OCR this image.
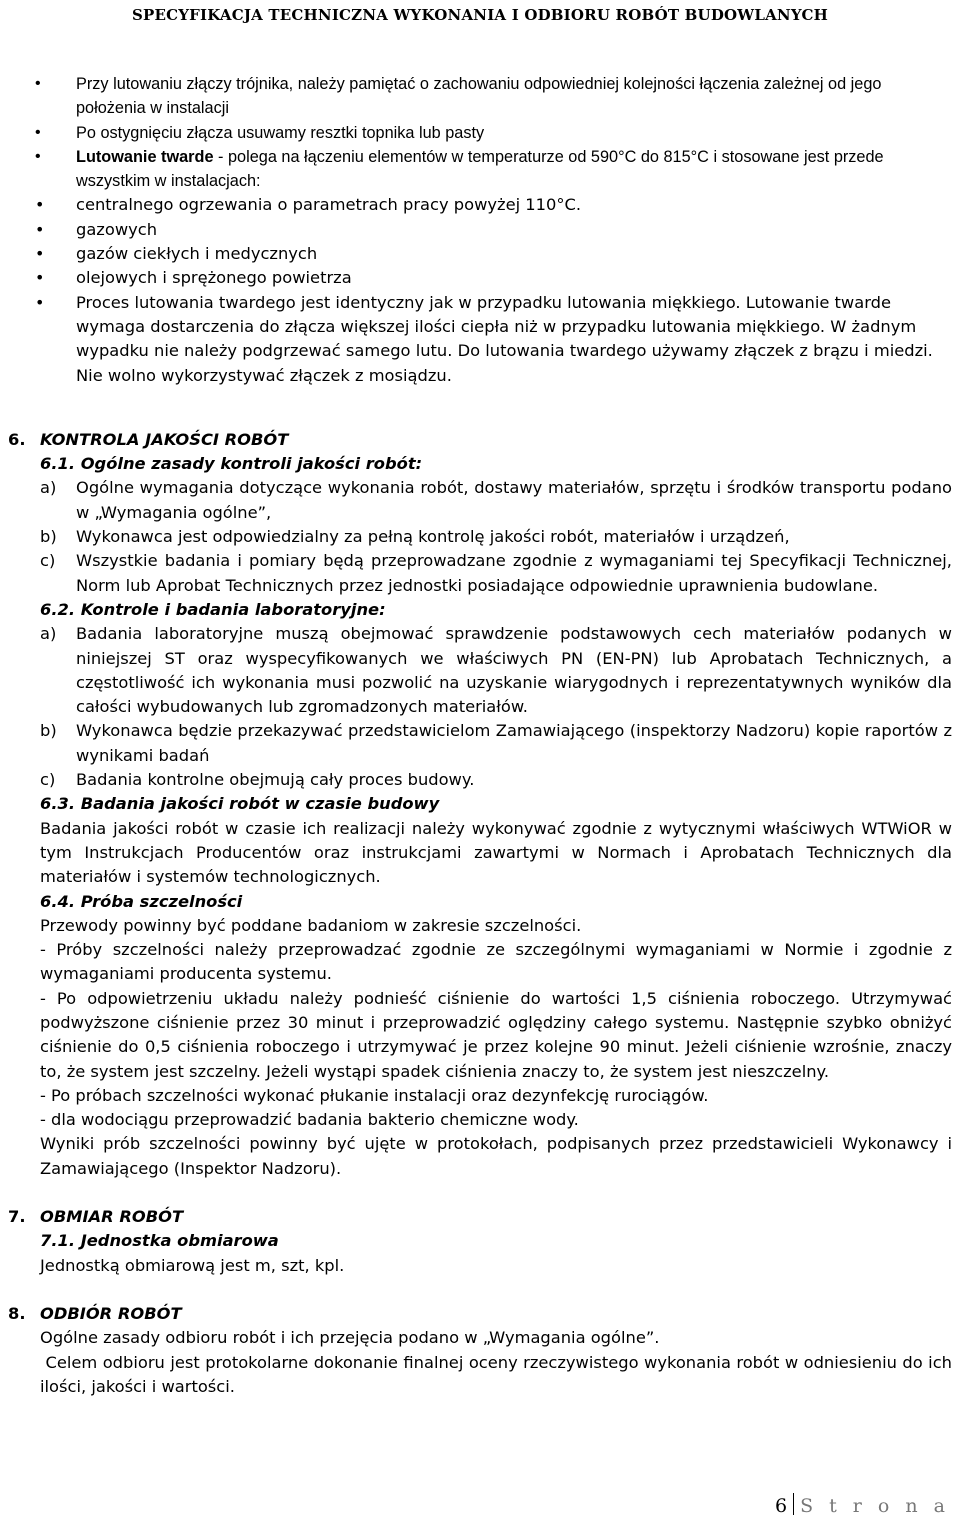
SPECYFIKACJA TECHNICZNA WYKONANIA I ODBIORU ROBÓT BUDOWLANYCH
• Przy lutowaniu złączy trójnika, należy pamiętać o zachowaniu odpowiedniej kolejności łączenia zależnej od jego położenia w instalacji
• Po ostygnięciu złącza usuwamy resztki topnika lub pasty
• Lutowanie twarde - polega na łączeniu elementów w temperaturze od 590°C do 815°C i stosowane jest przede wszystkim w instalacjach:
• centralnego ogrzewania o parametrach pracy powyżej 110°C.
• gazowych
• gazów ciekłych i medycznych
• olejowych i sprężonego powietrza
• Proces lutowania twardego jest identyczny jak w przypadku lutowania miękkiego. Lutowanie twarde wymaga dostarczenia do złącza większej ilości ciepła niż w przypadku lutowania miękkiego. W żadnym wypadku nie należy podgrzewać samego lutu. Do lutowania twardego używamy złączek z brązu i miedzi. Nie wolno wykorzystywać złączek z mosiądzu.
6. KONTROLA JAKOŚCI ROBÓT
6.1. Ogólne zasady kontroli jakości robót:
a) Ogólne wymagania dotyczące wykonania robót, dostawy materiałów, sprzętu i środków transportu podano w „Wymagania ogólne”,
b) Wykonawca jest odpowiedzialny za pełną kontrolę jakości robót, materiałów i urządzeń,
c) Wszystkie badania i pomiary będą przeprowadzane zgodnie z wymaganiami tej Specyfikacji Technicznej, Norm lub Aprobat Technicznych przez jednostki posiadające odpowiednie uprawnienia budowlane.
6.2. Kontrole i badania laboratoryjne:
a) Badania laboratoryjne muszą obejmować sprawdzenie podstawowych cech materiałów podanych w niniejszej ST oraz wyspecyfikowanych we właściwych PN (EN-PN) lub Aprobatach Technicznych, a częstotliwość ich wykonania musi pozwolić na uzyskanie wiarygodnych i reprezentatywnych wyników dla całości wybudowanych lub zgromadzonych materiałów.
b) Wykonawca będzie przekazywać przedstawicielom Zamawiającego (inspektorzy Nadzoru) kopie raportów z wynikami badań
c) Badania kontrolne obejmują cały proces budowy.
6.3. Badania jakości robót w czasie budowy
Badania jakości robót w czasie ich realizacji należy wykonywać zgodnie z wytycznymi właściwych WTWiOR w tym Instrukcjach Producentów oraz instrukcjami zawartymi w Normach i Aprobatach Technicznych dla materiałów i systemów technologicznych.
6.4. Próba szczelności
Przewody powinny być poddane badaniom w zakresie szczelności.
- Próby szczelności należy przeprowadzać zgodnie ze szczególnymi wymaganiami w Normie i zgodnie z wymaganiami producenta systemu.
- Po odpowietrzeniu układu należy podnieść ciśnienie do wartości 1,5 ciśnienia roboczego. Utrzymywać podwyższone ciśnienie przez 30 minut i przeprowadzić oględziny całego systemu. Następnie szybko obniżyć ciśnienie do 0,5 ciśnienia roboczego i utrzymywać je przez kolejne 90 minut. Jeżeli ciśnienie wzrośnie, znaczy to, że system jest szczelny. Jeżeli wystąpi spadek ciśnienia znaczy to, że system jest nieszczelny.
- Po próbach szczelności wykonać płukanie instalacji oraz dezynfekcję rurociągów.
- dla wodociągu przeprowadzić badania bakterio chemiczne wody.
Wyniki prób szczelności powinny być ujęte w protokołach, podpisanych przez przedstawicieli Wykonawcy i Zamawiającego (Inspektor Nadzoru).
7. OBMIAR ROBÓT
7.1. Jednostka obmiarowa
Jednostką obmiarową jest m, szt, kpl.
8. ODBIÓR ROBÓT
Ogólne zasady odbioru robót i ich przejęcia podano w „Wymagania ogólne”.
Celem odbioru jest protokolarne dokonanie finalnej oceny rzeczywistego wykonania robót w odniesieniu do ich ilości, jakości i wartości.
6 S t r o n a
